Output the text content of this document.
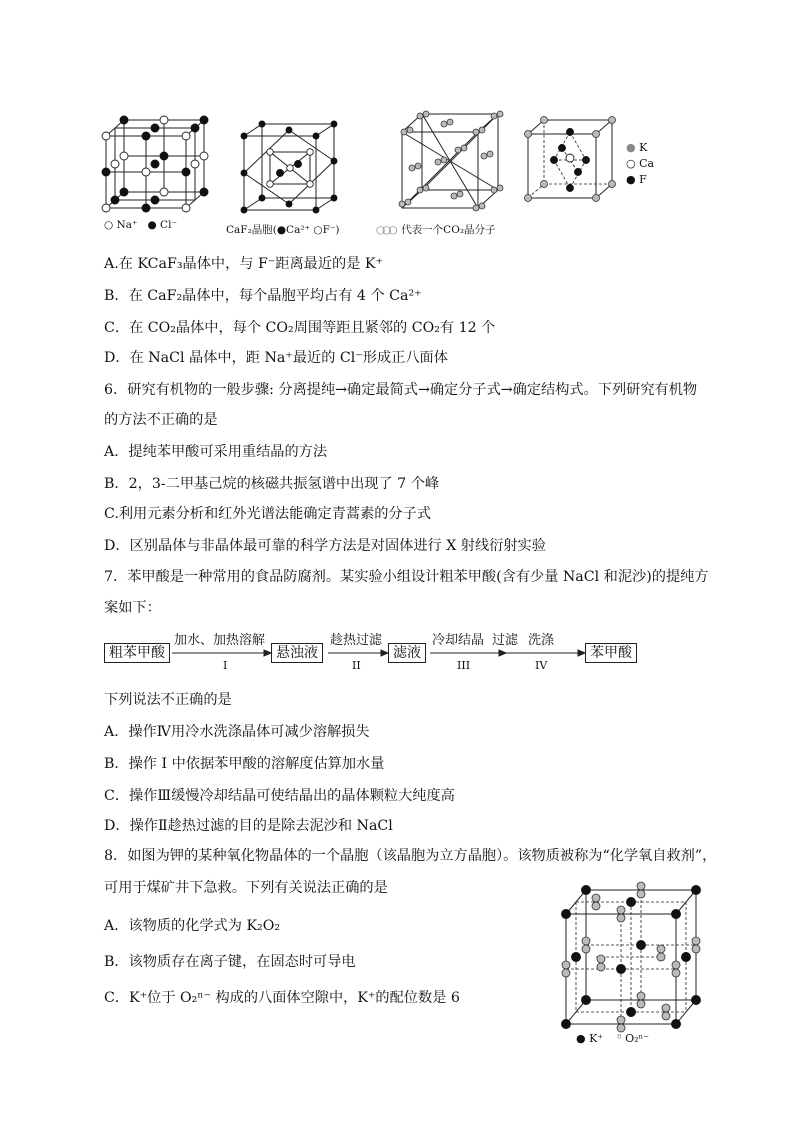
○ Na⁺ ● Cl⁻	CaF₂晶胞(●Ca²⁺ ○F⁻)	○○○ 代表一个CO₂晶分子
● K
○ Ca
● F
A.在 KCaF₃晶体中，与 F⁻距离最近的是 K⁺
B．在 CaF₂晶体中，每个晶胞平均占有 4 个 Ca²⁺
C．在 CO₂晶体中，每个 CO₂周围等距且紧邻的 CO₂有 12 个
D．在 NaCl 晶体中，距 Na⁺最近的 Cl⁻形成正八面体
6．研究有机物的一般步骤: 分离提纯→确定最简式→确定分子式→确定结构式。下列研究有机物
的方法不正确的是
A．提纯苯甲酸可采用重结晶的方法
B．2，3-二甲基己烷的核磁共振氢谱中出现了 7 个峰
C.利用元素分析和红外光谱法能确定青蒿素的分子式
D．区别晶体与非晶体最可靠的科学方法是对固体进行 X 射线衍射实验
7．苯甲酸是一种常用的食品防腐剂。某实验小组设计粗苯甲酸(含有少量 NaCl 和泥沙)的提纯方
案如下：
粗苯甲酸	悬浊液	滤液	苯甲酸
加水、加热溶解	趁热过滤	冷却结晶 过滤 洗涤
I	II	III	IV
下列说法不正确的是
A．操作Ⅳ用冷水洗涤晶体可减少溶解损失
B．操作 I 中依据苯甲酸的溶解度估算加水量
C．操作Ⅲ缓慢冷却结晶可使结晶出的晶体颗粒大纯度高
D．操作Ⅱ趁热过滤的目的是除去泥沙和 NaCl
8．如图为钾的某种氧化物晶体的一个晶胞（该晶胞为立方晶胞）。该物质被称为“化学氧自救剂”，
可用于煤矿井下急救。下列有关说法正确的是
A．该物质的化学式为 K₂O₂
B．该物质存在离子键，在固态时可导电
C．K⁺位于 O₂ⁿ⁻ 构成的八面体空隙中，K⁺的配位数是 6
● K⁺ ⁸ O₂ⁿ⁻
